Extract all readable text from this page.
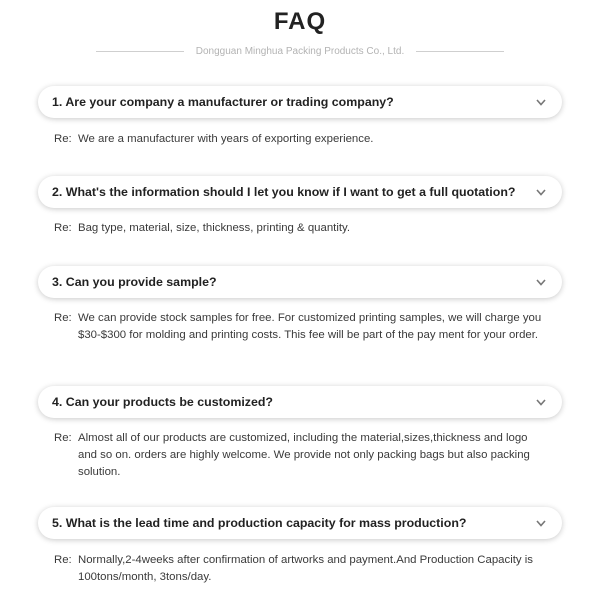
FAQ
Dongguan Minghua Packing Products Co., Ltd.
1. Are your company a manufacturer or trading company?
Re: We are a manufacturer with years of exporting experience.
2. What's the information should I let you know if I want to get a full quotation?
Re: Bag type, material, size, thickness, printing & quantity.
3. Can you provide sample?
Re: We can provide stock samples for free. For customized printing samples, we will charge you $30-$300 for molding and printing costs. This fee will be part of the pay ment for your order.
4. Can your products be customized?
Re: Almost all of our products are customized, including the material,sizes,thickness and logo and so on. orders are highly welcome. We provide not only packing bags but also packing solution.
5. What is the lead time and production capacity for mass production?
Re: Normally,2-4weeks after confirmation of artworks and payment.And Production Capacity is 100tons/month, 3tons/day.
